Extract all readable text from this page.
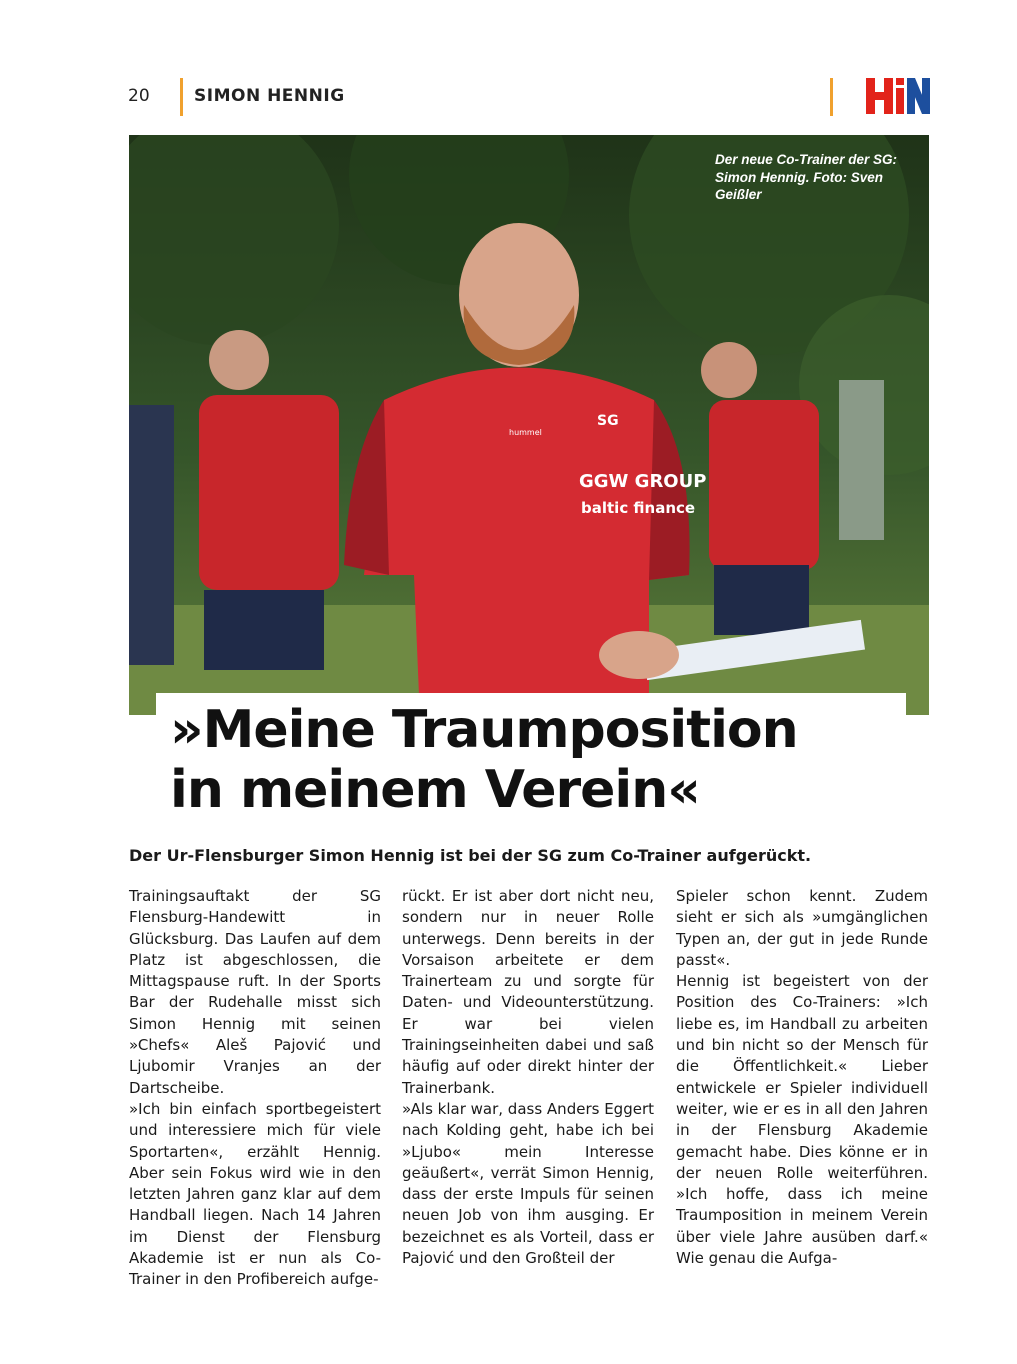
20	SIMON HENNIG
GGW GROUP
baltic finance
SG
hummel
Der neue Co-Trainer der SG: Simon Hennig. Foto: Sven Geißler
»Meine Traumposition
in meinem Verein«
Der Ur-Flensburger Simon Hennig ist bei der SG zum Co-Trainer aufgerückt.

Trainingsauftakt der SG Flensburg-Handewitt in Glücksburg. Das Laufen auf dem Platz ist abgeschlossen, die Mittagspause ruft. In der Sports Bar der Rudehalle misst sich Simon Hennig mit seinen »Chefs« Aleš Pajović und Ljubomir Vranjes an der Dartscheibe.

»Ich bin einfach sportbegeistert und interessiere mich für viele Sportarten«, erzählt Hennig. Aber sein Fokus wird wie in den letzten Jahren ganz klar auf dem Handball liegen. Nach 14 Jahren im Dienst der Flensburg Akademie ist er nun als Co-Trainer in den Profibereich aufge-

rückt. Er ist aber dort nicht neu, sondern nur in neuer Rolle unterwegs. Denn bereits in der Vorsaison arbeitete er dem Trainerteam zu und sorgte für Daten- und Videounterstützung. Er war bei vielen Trainingseinheiten dabei und saß häufig auf oder direkt hinter der Trainerbank.

»Als klar war, dass Anders Eggert nach Kolding geht, habe ich bei »Ljubo« mein Interesse geäußert«, verrät Simon Hennig, dass der erste Impuls für seinen neuen Job von ihm ausging. Er bezeichnet es als Vorteil, dass er Pajović und den Großteil der

Spieler schon kennt. Zudem sieht er sich als »umgänglichen Typen an, der gut in jede Runde passt«.

Hennig ist begeistert von der Position des Co-Trainers: »Ich liebe es, im Handball zu arbeiten und bin nicht so der Mensch für die Öffentlichkeit.« Lieber entwickele er Spieler individuell weiter, wie er es in all den Jahren in der Flensburg Akademie gemacht habe. Dies könne er in der neuen Rolle weiterführen. »Ich hoffe, dass ich meine Traumposition in meinem Verein über viele Jahre ausüben darf.« Wie genau die Aufga-
